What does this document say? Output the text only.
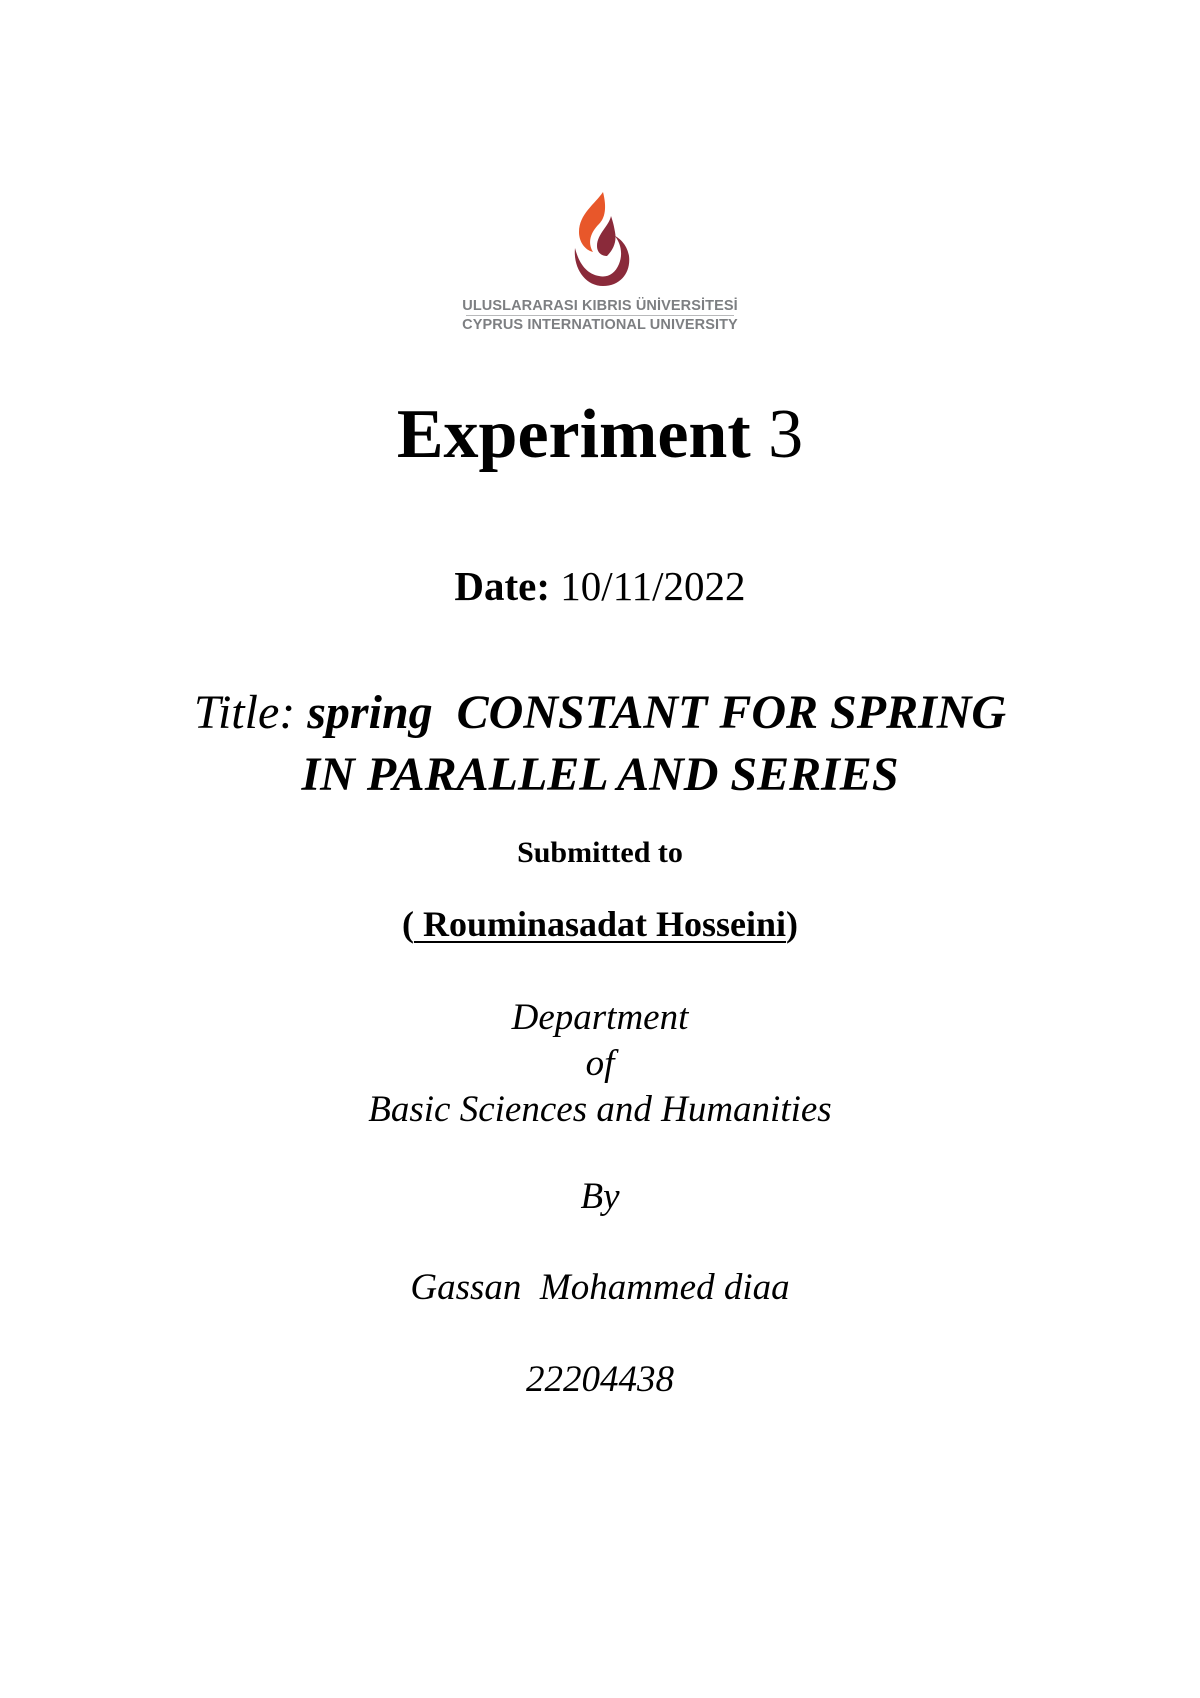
ULUSLARARASI KIBRIS ÜNİVERSİTESİ
CYPRUS INTERNATIONAL UNIVERSITY
Experiment 3
Date: 10/11/2022
Title: spring  CONSTANT FOR SPRING
IN PARALLEL AND SERIES
Submitted to
( Rouminasadat Hosseini)
Department
of
Basic Sciences and Humanities
By
Gassan  Mohammed diaa
22204438
